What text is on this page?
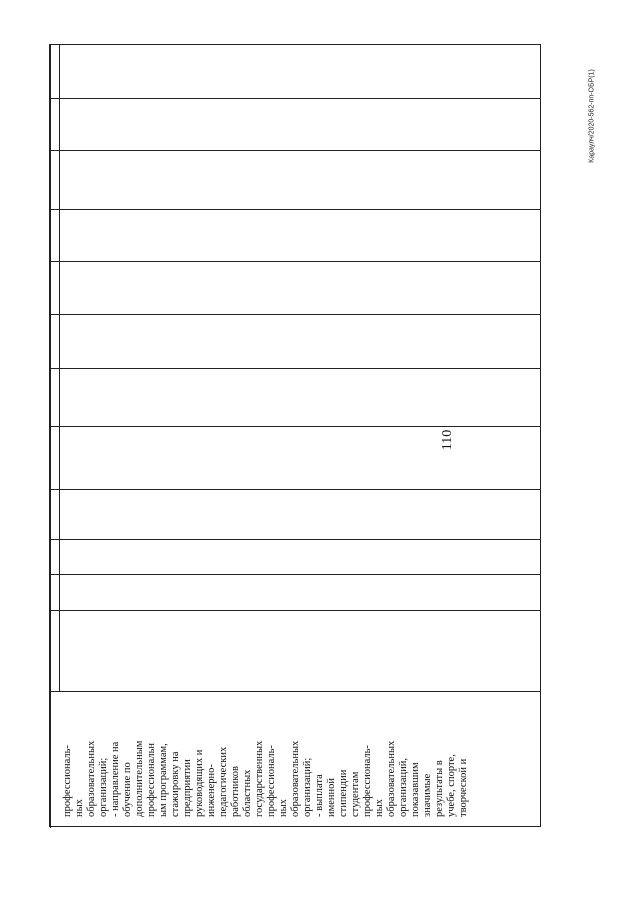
110
Караулч/2020-562-пп-ОБР(1)
профессиональ- ных образовательных организаций; - направление на обучение по дополнительным профессиональн ым программам, стажировку на предприятии руководящих и инженерно- педагогических работников областных государственных профессиональ- ных образовательных организаций; - выплата именной стипендии студентам профессиональ- ных образовательных организаций, показавшим значимые результаты в учебе, спорте, творческой и
